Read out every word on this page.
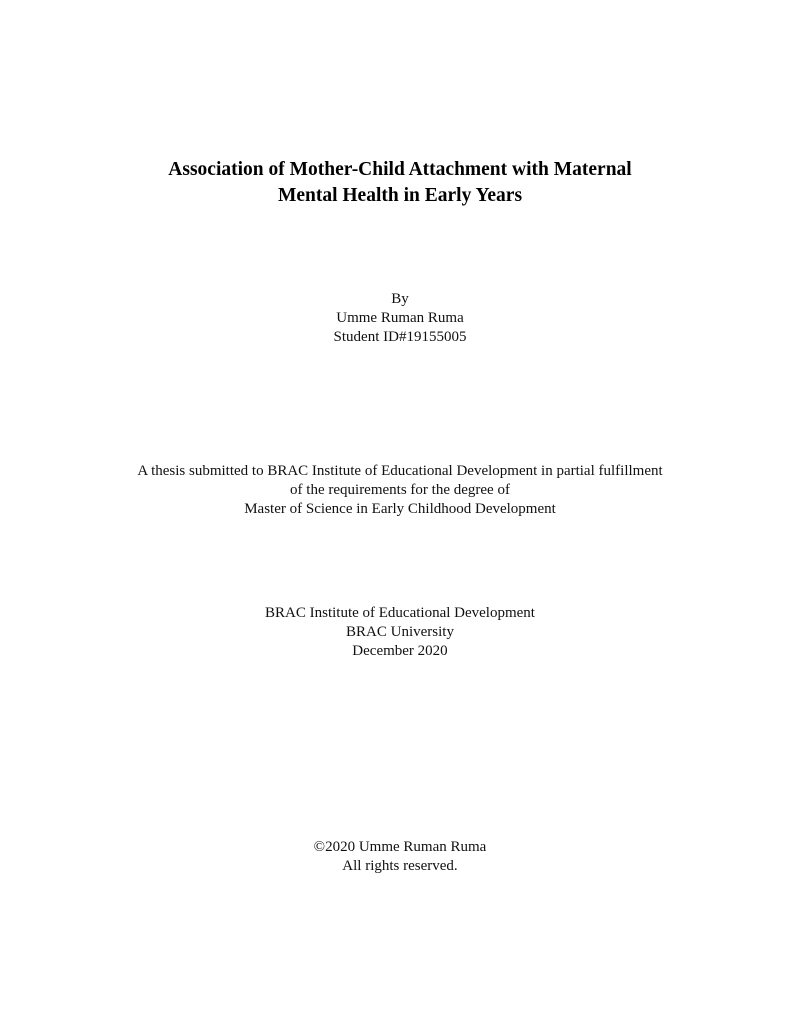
Association of Mother-Child Attachment with Maternal
Mental Health in Early Years
By
Umme Ruman Ruma
Student ID#19155005
A thesis submitted to BRAC Institute of Educational Development in partial fulfillment
of the requirements for the degree of
Master of Science in Early Childhood Development
BRAC Institute of Educational Development
BRAC University
December 2020
©2020 Umme Ruman Ruma
All rights reserved.
